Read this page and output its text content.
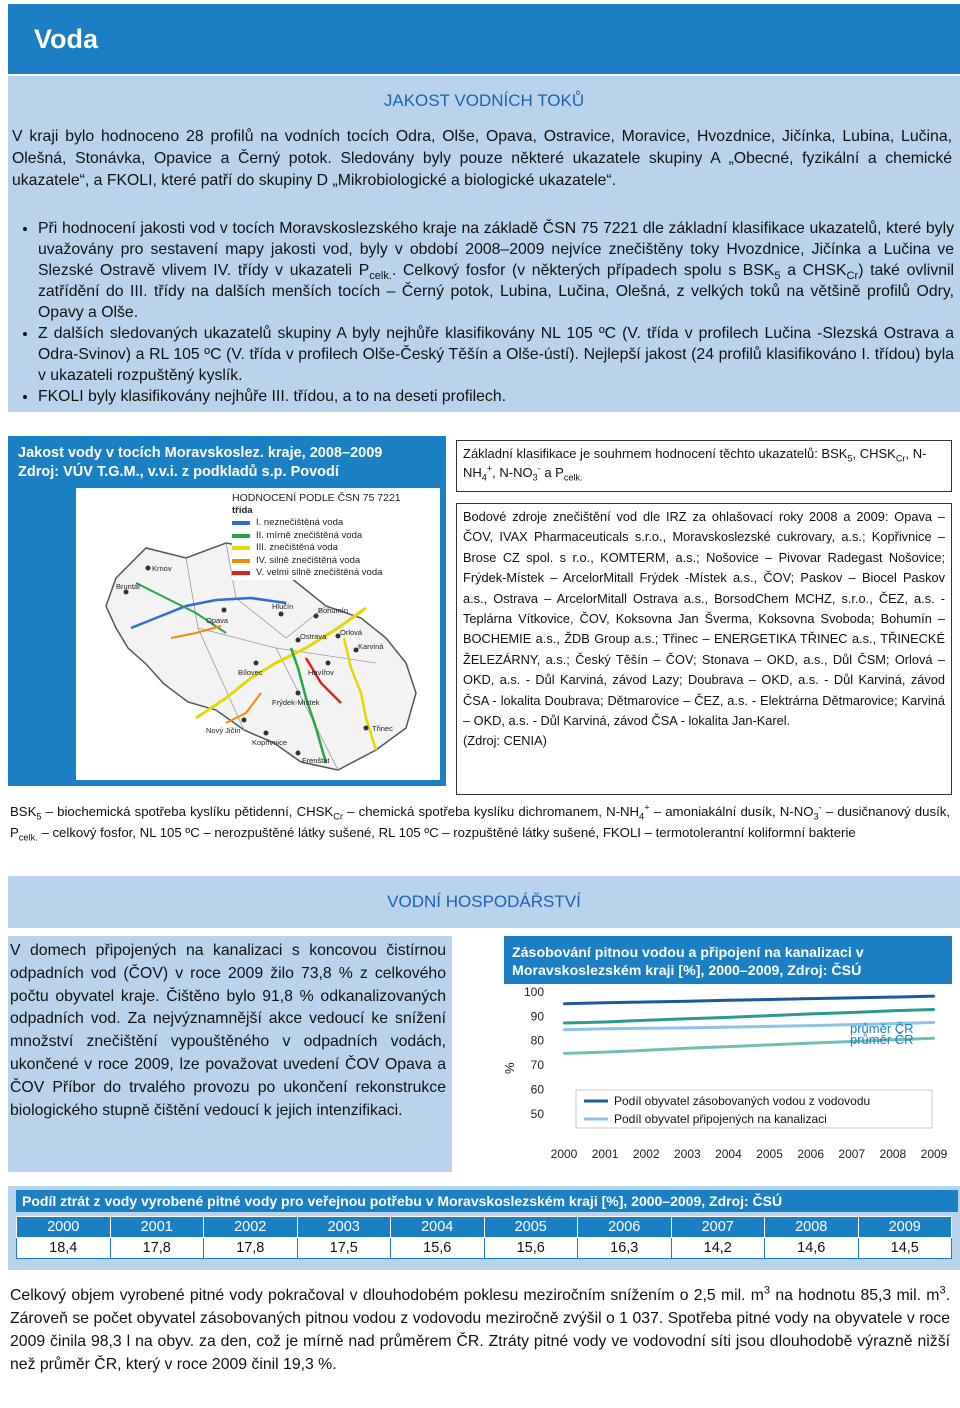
Voda
JAKOST VODNÍCH TOKŮ
V kraji bylo hodnoceno 28 profilů na vodních tocích Odra, Olše, Opava, Ostravice, Moravice, Hvozdnice, Jičínka, Lubina, Lučina, Olešná, Stonávka, Opavice a Černý potok. Sledovány byly pouze některé ukazatele skupiny A „Obecné, fyzikální a chemické ukazatele“, a FKOLI, které patří do skupiny D „Mikrobiologické a biologické ukazatele“.
• Při hodnocení jakosti vod v tocích Moravskoslezského kraje na základě ČSN 75 7221 dle základní klasifikace ukazatelů, které byly uvažovány pro sestavení mapy jakosti vod, byly v období 2008–2009 nejvíce znečištěny toky Hvozdnice, Jičínka a Lučina ve Slezské Ostravě vlivem IV. třídy v ukazateli $P_{celk.}$. Celkový fosfor (v některých případech spolu s $BSK_5$ a $CHSK_{Cr}$) také ovlivnil zatřídění do III. třídy na dalších menších tocích – Černý potok, Lubina, Lučina, Olešná, z velkých toků na většině profilů Odry, Opavy a Olše.
• Z dalších sledovaných ukazatelů skupiny A byly nejhůře klasifikovány NL 105 ºC (V. třída v profilech Lučina -Slezská Ostrava a Odra-Svinov) a RL 105 ºC (V. třída v profilech Olše-Český Těšín a Olše-ústí). Nejlepší jakost (24 profilů klasifikováno I. třídou) byla v ukazateli rozpuštěný kyslík.
• FKOLI byly klasifikovány nejhůře III. třídou, a to na deseti profilech.
Jakost vody v tocích Moravskoslez. kraje, 2008–2009
Zdroj: VÚV T.G.M., v.v.i. z podkladů s.p. Povodí
Bruntál
Opava
Ostrava
Havířov
Karviná
Třinec
Frýdek-Místek
Nový Jičín
Kopřivnice
Bílovec
Orlová
Bohumín
Hlučín
Krnov
Frenštát
HODNOCENÍ PODLE ČSN 75 7221
třída
I. neznečištěná voda
II. mírně znečištěná voda
III. znečištěná voda
IV. silně znečištěná voda
V. velmi silně znečištěná voda
Základní klasifikace je souhrnem hodnocení těchto ukazatelů: $BSK_5$, $CHSK_{Cr}$, $N-NH_4^+$, $N-NO_3^-$ a $P_{celk.}$
Bodové zdroje znečištění vod dle IRZ za ohlašovací roky 2008 a 2009: Opava – ČOV, IVAX Pharmaceuticals s.r.o., Moravskoslezské cukrovary, a.s.; Kopřivnice – Brose CZ spol. s r.o., KOMTERM, a.s.; Nošovice – Pivovar Radegast Nošovice; Frýdek-Místek – ArcelorMitall Frýdek -Místek a.s., ČOV; Paskov – Biocel Paskov a.s., Ostrava – ArcelorMitall Ostrava a.s., BorsodChem MCHZ, s.r.o., ČEZ, a.s. - Teplárna Vítkovice, ČOV, Koksovna Jan Šverma, Koksovna Svoboda; Bohumín – BOCHEMIE a.s., ŽDB Group a.s.; Třinec – ENERGETIKA TŘINEC a.s., TŘINECKÉ ŽELEZÁRNY, a.s.; Český Těšín – ČOV; Stonava – OKD, a.s., Důl ČSM; Orlová – OKD, a.s. - Důl Karviná, závod Lazy; Doubrava – OKD, a.s. - Důl Karviná, závod ČSA - lokalita Doubrava; Dětmarovice – ČEZ, a.s. - Elektrárna Dětmarovice; Karviná – OKD, a.s. - Důl Karviná, závod ČSA - lokalita Jan-Karel.
(Zdroj: CENIA)
$BSK_5$ – biochemická spotřeba kyslíku pětidenní, $CHSK_{Cr}$ – chemická spotřeba kyslíku dichromanem, $N-NH_4^+$ – amoniakální dusík, $N-NO_3^-$ – dusičnanový dusík, $P_{celk.}$ – celkový fosfor, NL 105 ºC – nerozpuštěné látky sušené, RL 105 ºC – rozpuštěné látky sušené, FKOLI – termotolerantní koliformní bakterie
VODNÍ HOSPODÁŘSTVÍ
V domech připojených na kanalizaci s koncovou čistírnou odpadních vod (ČOV) v roce 2009 žilo 73,8 % z celkového počtu obyvatel kraje. Čištěno bylo 91,8 % odkanalizovaných odpadních vod. Za nejvýznamnější akce vedoucí ke snížení množství znečištění vypouštěného v odpadních vodách, ukončené v roce 2009, lze považovat uvedení ČOV Opava a ČOV Příbor do trvalého provozu po ukončení rekonstrukce biologického stupně čištění vedoucí k jejich intenzifikaci.
Zásobování pitnou vodou a připojení na kanalizaci v Moravskoslezském kraji [%], 2000–2009, Zdroj: ČSÚ
100
90
80
70
60
50
%
2000 2001 2002 2003 2004 2005 2006 2007 2008 2009
průměr ČR
průměr ČR
Podíl obyvatel zásobovaných vodou z vodovodu
Podíl obyvatel připojených na kanalizaci
Podíl ztrát z vody vyrobené pitné vody pro veřejnou potřebu v Moravskoslezském kraji [%], 2000–2009, Zdroj: ČSÚ
2000	2001	2002	2003	2004	2005	2006	2007	2008	2009
18,4	17,8	17,8	17,5	15,6	15,6	16,3	14,2	14,6	14,5
Celkový objem vyrobené pitné vody pokračoval v dlouhodobém poklesu meziročním snížením o 2,5 mil. $m^3$ na hodnotu 85,3 mil. $m^3$. Zároveň se počet obyvatel zásobovaných pitnou vodou z vodovodu meziročně zvýšil o 1 037. Spotřeba pitné vody na obyvatele v roce 2009 činila 98,3 l na obyv. za den, což je mírně nad průměrem ČR. Ztráty pitné vody ve vodovodní síti jsou dlouhodobě výrazně nižší než průměr ČR, který v roce 2009 činil 19,3 %.
